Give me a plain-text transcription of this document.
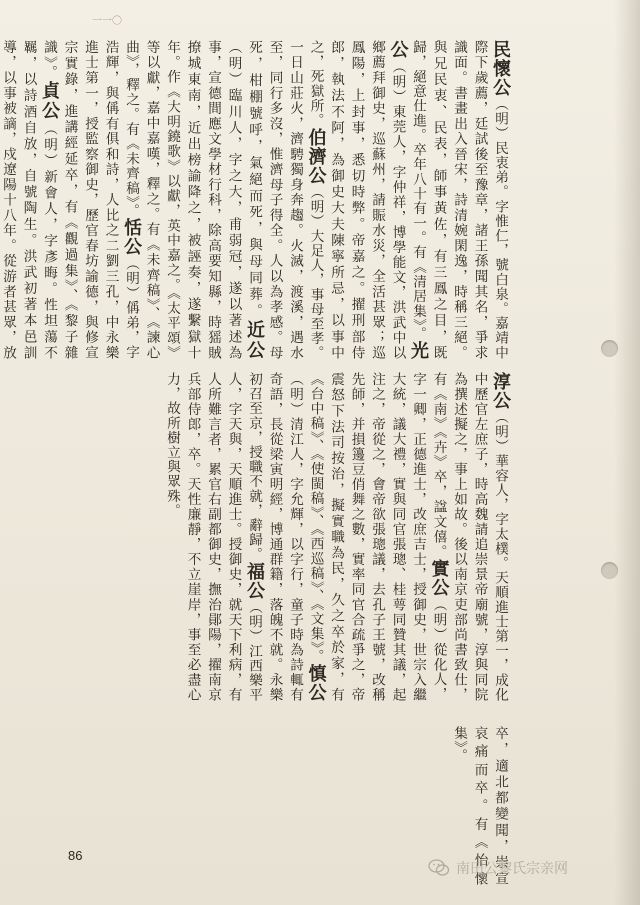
一一〇
民懷公（明）民衷弟。字惟仁，號白泉。嘉靖中際下歲薦，廷試後至豫章，諸王孫聞其名，爭求識面。書畫出入晉宋，詩清婉閑逸，時稱三絕。與兄民衷、民表，師事黃佐，有三鳳之目，既歸，絕意仕進。卒年八十有一。有《清居集》。光公（明）東莞人，字仲祥，博學能文，洪武中以鄉薦拜御史，巡蘇州，請賑水災，全活甚眾；巡鳳陽，上封事，悉切時弊。帝嘉之。擢刑部侍郎，執法不阿，為御史大夫陳寧所忌，以事中之，死獄所。伯濟公（明）大足人，事母至孝。一日山莊火，濟騁獨身奔趨。火滅，渡溪，遇水至，同行多沒，惟濟母子得全。人以為孝感。母死，柑棚號呼，氣絕而死，與母同葬。近公（明）臨川人，字之大，甫弱冠，遂以著述為事，宣德間應文學材行科，除高要知縣，時猺賊撩城東南，近出榜諭降之，被誣奏，遂繫獄十年。作《大明鐃歌》以獻，英中嘉之。《太平頌》等以獻，嘉中嘉嘆，釋之。有《未齊稿》、《諫心曲》，釋之。有《未齊稿》。恬公（明）偁弟，字浩輝，與偁有俱和詩，人比之二劉三孔，中永樂進士第一，授監察御史，歷官春坊諭德，與修宣宗實錄，進講經延卒，有《觀過集》、《黎子雜識》。貞公（明）新會人，字彥晦。性坦蕩不羈，以詩酒自放，自號陶生。洪武初著本邑訓導，以事被謫，戍遼陽十八年。從游者甚眾，放
淳公（明）華容人，字太樸。天順進士第一，成化中歷官左庶子，時高魏請追崇景帝廟號，淳與同院為撰述擬之，事上如故。後以南京吏部尚書致仕，有《南》《卉》卒，諡文僖。實公（明）從化人，字一卿，正德進士，改庶吉士，授御史，世宗入繼大統，議大禮，實與同官張璁、桂萼同贊其議，起注之，帝從之，會帝欲張璁議，去孔子王號，改稱先師，并損籩豆俏舞之數，實率同官合疏爭之，帝震怒下法司按治，擬實職為民，久之卒於家，有《台中稿》、《使閩稿》、《西巡稿》、《文集》。慎公（明）清江人，字允輝，以字行，童子時為詩輒有奇語，長從梁寅明經，博通群籍，落魄不就。永樂初召至京，授職不就，辭歸。福公（明）江西樂平人，字天與，天順進士。授御史，就天下利病，有人所難言者，累官右副都御史，撫治鄖陽，擢南京兵部侍郎，卒。天性廉靜，不立崖岸，事至必盡心力，故所樹立與眾殊。
卒，適北都變聞，崇宣哀痛而卒。有《怡懷集》。
86
南田公黎氏宗亲网
